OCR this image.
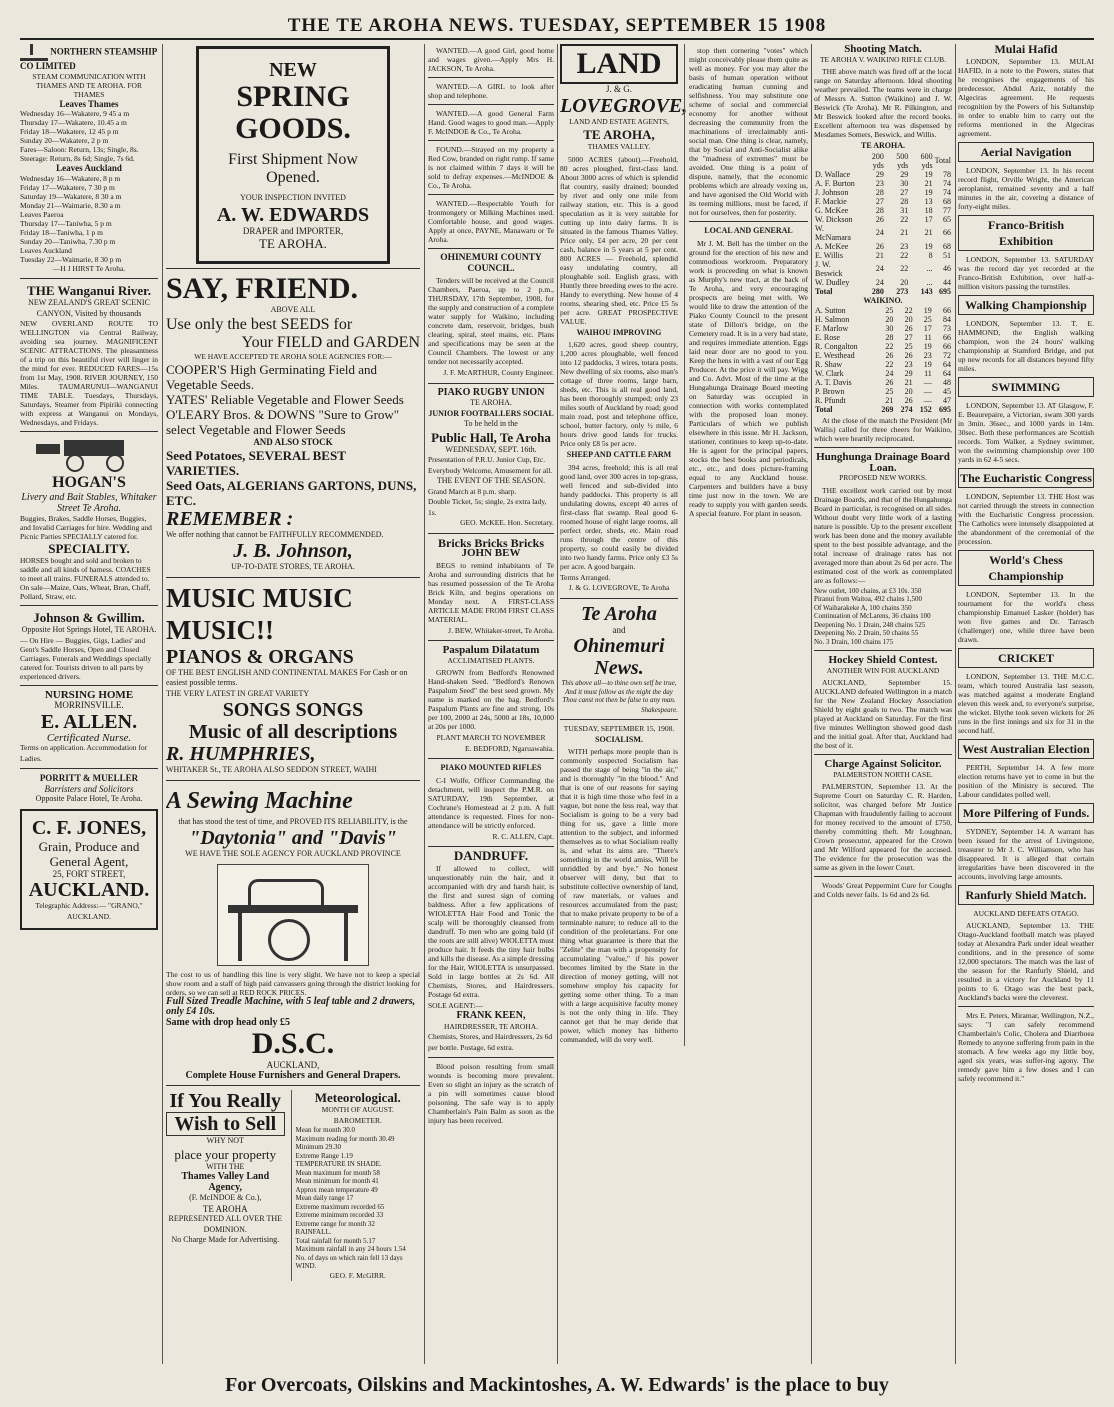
THE TE AROHA NEWS. TUESDAY, SEPTEMBER 15 1908

NORTHERN STEAMSHIP CO LIMITED

STEAM COMMUNICATION WITH THAMES AND TE AROHA. FOR THAMES

Leaves Thames

Wednesday 16—Wakatere, 9 45 a m
Thursday 17—Wakatere, 10.45 a m
Friday 18—Wakatere, 12 45 p m
Sunday 20—Wakatere, 2 p m
Fares—Saloon: Return, 13s; Single, 8s. Steerage: Return, 8s 6d; Single, 7s 6d.

Leaves Auckland

Wednesday 16—Wakatere, 8 p m
Friday 17—Wakatere, 7 30 p m
Saturday 19—Wakatere, 8 30 a m
Monday 21—Waimarie, 8.30 a m
Leaves Paeroa
Thursday 17—Taniwha, 5 p m
Friday 18—Taniwha, 1 p m
Sunday 20—Taniwha, 7.30 p m
Leaves Auckland
Tuesday 22—Waimarie, 8 30 p m

—H J HIRST Te Aroha.

THE Wanganui River.

NEW ZEALAND'S GREAT SCENIC CANYON, Visited by thousands

NEW OVERLAND ROUTE TO WELLINGTON via Central Railway, avoiding sea journey. MAGNIFICENT SCENIC ATTRACTIONS. The pleasantness of a trip on this beautiful river will linger in the mind for ever. REDUCED FARES—15s from 1st May, 1908. RIVER JOURNEY, 150 Miles. TAUMARUNUI—WANGANUI TIME TABLE. Tuesdays, Thursdays, Saturdays, Steamer from Pipiriki connecting with express at Wanganui on Mondays, Wednesdays, and Fridays.

HOGAN'S

Livery and Bait Stables, Whitaker Street Te Aroha.

Buggies, Brakes, Saddle Horses, Buggies, and Invalid Carriages for hire. Wedding and Picnic Parties SPECIALLY catered for.

SPECIALITY.

HORSES bought and sold and broken to saddle and all kinds of harness. COACHES to meet all trains. FUNERALS attended to. On sale—Maize, Oats, Wheat, Bran, Chaff, Pollard, Straw, etc.

Johnson & Gwillim.

Opposite Hot Springs Hotel, TE AROHA.

— On Hire — Buggies, Gigs, Ladies' and Gent's Saddle Horses, Open and Closed Carriages. Funerals and Weddings specially catered for. Tourists driven to all parts by experienced drivers.

NURSING HOME

MORRINSVILLE.

E. ALLEN.

Certificated Nurse.

Terms on application. Accommodation for Ladies.

PORRITT & MUELLER

Barristers and Solicitors

Opposite Palace Hotel, Te Aroha.

C. F. JONES,

Grain, Produce and General Agent,

25, FORT STREET,

AUCKLAND.

Telegraphic Address:— "GRANO," AUCKLAND.

NEW

SPRING

GOODS.

First Shipment Now Opened.

YOUR INSPECTION INVITED

A. W. EDWARDS

DRAPER and IMPORTER,

TE AROHA.

SAY, FRIEND.

ABOVE ALL

Use only the best SEEDS for

Your FIELD and GARDEN

WE HAVE ACCEPTED TE AROHA SOLE AGENCIES FOR:—

COOPER'S High Germinating Field and Vegetable Seeds.

YATES' Reliable Vegetable and Flower Seeds

O'LEARY Bros. & DOWNS "Sure to Grow" select Vegetable and Flower Seeds

AND ALSO STOCK

Seed Potatoes, SEVERAL BEST VARIETIES.

Seed Oats, ALGERIANS GARTONS, DUNS, ETC.

REMEMBER :

We offer nothing that cannot be FAITHFULLY RECOMMENDED.

J. B. Johnson,

UP-TO-DATE STORES, TE AROHA.

MUSIC MUSIC MUSIC!!

PIANOS & ORGANS

OF THE BEST ENGLISH AND CONTINENTAL MAKES For Cash or on easiest possible terms.

THE VERY LATEST IN GREAT VARIETY

SONGS SONGS

Music of all descriptions

R. HUMPHRIES,

WHITAKER St., TE AROHA ALSO SEDDON STREET, WAIHI

A Sewing Machine

that has stood the test of time, and PROVED ITS RELIABILITY, is the

"Daytonia" and "Davis"

WE HAVE THE SOLE AGENCY FOR AUCKLAND PROVINCE

The cost to us of handling this line is very slight. We have not to keep a special show room and a staff of high paid canvassers going through the district looking for orders, so we can sell at RED ROCK PRICES.

Full Sized Treadle Machine, with 5 leaf table and 2 drawers, only £4 10s.

Same with drop head only £5

D.S.C.

AUCKLAND,

Complete House Furnishers and General Drapers.

If You Really

Wish to Sell

WHY NOT

place your property

WITH THE

Thames Valley Land Agency,

(F. McINDOE & Co.),

TE AROHA

REPRESENTED ALL OVER THE DOMINION.

No Charge Made for Advertising.

Meteorological.

MONTH OF AUGUST.

BAROMETER.

Mean for month 30.0
Maximum reading for month 30.49
Minimum 29.30
Extreme Range 1.19
TEMPERATURE IN SHADE.
Mean maximum for month 58
Mean minimum for month 41
Approx mean temperature 49
Mean daily range 17
Extreme maximum recorded 65
Extreme minimum recorded 33
Extreme range for month 32
RAINFALL.
Total rainfall for month 5.17
Maximum rainfall in any 24 hours 1.54
No. of days on which rain fell 13 days
WIND.

GEO. F. McGIRR.

WANTED.—A good Girl, good home and wages given.—Apply Mrs H. JACKSON, Te Aroha.

WANTED.—A GIRL to look after shop and telephone.

WANTED.—A good General Farm Hand. Good wages to good man.—Apply F. McINDOE & Co., Te Aroha.

FOUND.—Strayed on my property a Red Cow, branded on right rump. If same is not claimed within 7 days it will be sold to defray expenses.—McINDOE & Co., Te Aroha.

WANTED.—Respectable Youth for Ironmongery or Milking Machines used. Comfortable house, and good wages. Apply at once, PAYNE, Manawaru or Te Aroha.

OHINEMURI COUNTY COUNCIL.

Tenders will be received at the Council Chambers, Paeroa, up to 2 p.m., THURSDAY, 17th September, 1908, for the supply and construction of a complete water supply for Waikino, including concrete dam, reservoir, bridges, bush clearing, spiral, steel mains, etc. Plans and specifications may be seen at the Council Chambers. The lowest or any tender not necessarily accepted.

J. F. McARTHUR, County Engineer.

PIAKO RUGBY UNION

TE AROHA.

JUNIOR FOOTBALLERS SOCIAL

To be held in the

Public Hall, Te Aroha

WEDNESDAY, SEPT. 16th.

Presentation of P.R.U. Junior Cup, Etc.

Everybody Welcome, Amusement for all.

THE EVENT OF THE SEASON.

Grand March at 8 p.m. sharp.

Double Ticket, 5s; single, 2s extra lady, 1s.

GEO. McKEE. Hon. Secretary.

Bricks Bricks Bricks

JOHN BEW

BEGS to remind inhabitants of Te Aroha and surrounding districts that he has resumed possession of the Te Aroha Brick Kiln, and begins operations on Monday next. A FIRST-CLASS ARTICLE MADE FROM FIRST CLASS MATERIAL.

J. BEW, Whitaker-street, Te Aroha.

Paspalum Dilatatum

ACCLIMATISED PLANTS.

GROWN from Bedford's Renowned Hand-shaken Seed. "Bedford's Renown Paspalum Seed" the best seed grown. My name is marked on the bag. Bedford's Paspalum Plants are fine and strong, 10s per 100, 2000 at 24s, 5000 at 18s, 10,000 at 20s per 1000.

PLANT MARCH TO NOVEMBER

E. BEDFORD, Ngaruawahia.

PIAKO MOUNTED RIFLES

C-I Wolfe, Officer Commanding the detachment, will inspect the P.M.R. on SATURDAY, 19th September, at Cochrane's Homestead at 2 p.m. A full attendance is requested. Fines for non-attendance will be strictly enforced.

R. C. ALLEN, Capt.

DANDRUFF.

If allowed to collect, will unquestionably ruin the hair, and it accompanied with dry and harsh hair, is the first and surest sign of coming baldness. After a few applications of WIOLETTA Hair Food and Tonic the scalp will be thoroughly cleansed from dandruff. To men who are going bald (if the roots are still alive) WIOLETTA must produce hair. It feeds the tiny hair bulbs and kills the disease. As a simple dressing for the Hair, WIOLETTA is unsurpassed. Sold in large bottles at 2s 6d. All Chemists, Stores, and Hairdressers. Postage 6d extra.

SOLE AGENT:—

FRANK KEEN,

HAIRDRESSER, TE AROHA.

Chemists, Stores, and Hairdressers, 2s 6d per bottle. Postage, 6d extra.

Blood poison resulting from small wounds is becoming more prevalent. Even so slight an injury as the scratch of a pin will sometimes cause blood poisoning. The safe way is to apply Chamberlain's Pain Balm as soon as the injury has been received.

LAND

J. & G.

LOVEGROVE,

LAND AND ESTATE AGENTS,

TE AROHA,

THAMES VALLEY.

5000 ACRES (about).—Freehold, 80 acres ploughed, first-class land. About 3000 acres of which is splendid flat country, easily drained; bounded by river and only one mile from railway station, etc. This is a good speculation as it is very suitable for cutting up into dairy farms. It is situated in the famous Thames Valley. Price only, £4 per acre, 20 per cent cash, balance in 5 years at 5 per cent. 800 ACRES — Freehold, splendid easy undulating country, all ploughable soil. English grass, with Huntly three breeding ewes to the acre. Handy to everything. New house of 4 rooms, shearing shed, etc. Price £5 5s per acre. GREAT PROSPECTIVE VALUE.

WAIHOU IMPROVING

1,620 acres, good sheep country, 1,200 acres ploughable, well fenced into 12 paddocks, 3 wires, totara posts. New dwelling of six rooms, also man's cottage of three rooms, large barn, sheds, etc. This is all real good land, has been thoroughly stumped; only 23 miles south of Auckland by road; good main road, post and telephone office, school, butter factory, only ½ mile, 6 hours drive good lands for trucks. Price only £8 5s per acre.

SHEEP AND CATTLE FARM

394 acres, freehold; this is all real good land, over 300 acres in top-grass, well fenced and sub-divided into handy paddocks. This property is all undulating downs, except 40 acres of first-class flat swamp. Real good 6-roomed house of eight large rooms, all perfect order, sheds, etc. Main road runs through the centre of this property, so could easily be divided into two handy farms. Price only £3 5s per acre. A good bargain.

Terms Arranged.

J. & G. LOVEGROVE, Te Aroha

Te Aroha

and

Ohinemuri News.

This above all—to thine own self be true, And it must follow as the night the day Thou canst not then be false to any man.

Shakespeare.

TUESDAY, SEPTEMBER 15, 1908.

SOCIALISM.

WITH perhaps more people than is commonly suspected Socialism has passed the stage of being "in the air," and is thoroughly "in the blood." And that is one of our reasons for saying that it is high time those who feel in a vague, but none the less real, way that Socialism is going to be a very bad thing for us, gave a little more attention to the subject, and informed themselves as to what Socialism really is, and what its aims are. "There's something in the world amiss, Will be unriddled by and bye." No honest observer will deny, but that to substitute collective ownership of land, of raw materials, or values and resources accumulated from the past; that to make private property to be of a terminable nature; to reduce all to the condition of the proletarians. For one thing what guarantee is there that the "Zelite" the man with a propensity for accumulating "value," if his power becomes limited by the State in the direction of money getting, will not somehow employ his capacity for getting some other thing. To a man with a large acquisitive faculty money is not the only thing in life. They cannot get that he may deride that power, which money has hitherto commanded, will do very well.

stop then cornering "votes" which might conceivably please them quite as well as money. For you may alter the basis of human operation without eradicating human cunning and selfishness. You may substitute one scheme of social and commercial economy for another without decreasing the community from the machinations of irreclaimably anti-social man. One thing is clear, namely, that by Social and Anti-Socialist alike the "madness of extremes" must be avoided. One thing is a point of dispute, namely, that the economic problems which are already vexing us, and have agonised the Old World with its teeming millions, must be faced, if not for ourselves, then for posterity.

LOCAL AND GENERAL

Mr J. M. Bell has the timber on the ground for the erection of his new and commodious workroom. Preparatory work is proceeding on what is known as Murphy's new tract, at the back of Te Aroha, and very encouraging prospects are being met with. We would like to draw the attention of the Piako County Council to the present state of Dillon's bridge, on the Cemetery road. It is in a very bad state, and requires immediate attention. Eggs laid near door are no good to you. Keep the hens in with a vast of our Egg Producer. At the price it will pay. Wigg and Co. Advt. Most of the time at the Hungahunga Drainage Board meeting on Saturday was occupied in connection with works contemplated with the proposed loan money. Particulars of which we publish elsewhere in this issue. Mr H. Jackson, stationer, continues to keep up-to-date. He is agent for the principal papers, stocks the best books and periodicals, etc., etc., and does picture-framing equal to any Auckland house. Carpenters and builders have a busy time just now in the town. We are ready to supply you with garden seeds. A special feature. For plant in season.

Shooting Match.

TE AROHA V. WAIKINO RIFLE CLUB.

THE above match was fired off at the local range on Saturday afternoon. Ideal shooting weather prevailed. The teams were in charge of Messrs A. Sutton (Waikino) and J. W. Beswick (Te Aroha). Mr R. Pilkington, and Mr Beswick looked after the record books. Excellent afternoon tea was dispensed by Mesdames Somers, Beswick, and Willis.

TE AROHA.

	200 yds	500 yds	600 yds	Total
D. Wallace	29	29	19	78
A. F. Burton	23	30	21	74
J. Johnson	28	27	19	74
F. Mackie	27	28	13	68
G. McKee	28	31	18	77
W. Dickson	26	22	17	65
W. McNamara	24	21	21	66
A. McKee	26	23	19	68
E. Willis	21	22	8	51
J. W. Beswick	24	22	...	46
W. Dudley	24	20	...	44
Total	280	273	143	695

WAIKINO.

A. Sutton	25	22	19	66
H. Salmon	20	20	25	84
F. Marlow	30	26	17	73
E. Rose	28	27	11	66
R. Congalton	22	25	19	66
E. Westhead	26	26	23	72
R. Shaw	22	23	19	64
W. Clark	24	29	11	64
A. T. Davis	26	21	—	48
P. Brown	25	20	—	45
R. Pfundt	21	26	—	47
Total	269	274	152	695

At the close of the match the President (Mr Wallis) called for three cheers for Waikino, which were heartily reciprocated.

Hunghunga Drainage Board Loan.

PROPOSED NEW WORKS.

THE excellent work carried out by most Drainage Boards, and that of the Hungahunga Board in particular, is recognised on all sides. Without doubt very little work of a lasting nature is possible. Up to the present excellent work has been done and the money available spent to the best possible advantage, and the total increase of drainage rates has not averaged more than about 2s 6d per acre. The estimated cost of the work as contemplated are as follows:—

New outlet, 100 chains, at £3 10s. 350
Piranui from Waitoa, 492 chains 1,500
Of Waiharakeke A, 100 chains 350
Continuation of McLarens, 36 chains 100
Deepening No. 1 Drain, 248 chains 525
Deepening No. 2 Drain, 50 chains 55
No. 3 Drain, 100 chains 175

Hockey Shield Contest.

ANOTHER WIN FOR AUCKLAND

AUCKLAND, September 15. AUCKLAND defeated Wellington in a match for the New Zealand Hockey Association Shield by eight goals to two. The match was played at Auckland on Saturday. For the first five minutes Wellington showed good dash and the initial goal. After that, Auckland had the best of it.

Charge Against Solicitor.

PALMERSTON NORTH CASE.

PALMERSTON, September 13. At the Supreme Court on Saturday C. R. Harden, solicitor, was charged before Mr Justice Chapman with fraudulently failing to account for money received to the amount of £750, thereby committing theft. Mr Loughnan, Crown prosecutor, appeared for the Crown and Mr Wilford appeared for the accused. The evidence for the prosecution was the same as given in the lower Court.

Woods' Great Peppermint Cure for Coughs and Colds never fails. 1s 6d and 2s 6d.

Mulai Hafid

LONDON, September 13. MULAI HAFID, in a note to the Powers, states that he recognises the engagements of his predecessor, Abdul Aziz, notably the Algeciras agreement. He requests recognition by the Powers of his Sultanship in order to enable him to carry out the reforms mentioned in the Algeciras agreement.

Aerial Navigation

LONDON, September 13. In his recent record flight, Orville Wright, the American aeroplanist, remained seventy and a half minutes in the air, covering a distance of forty-eight miles.

Franco-British Exhibition

LONDON, September 13. SATURDAY was the record day yet recorded at the Franco-British Exhibition, over half-a-million visitors passing the turnstiles.

Walking Championship

LONDON, September 13. T. E. HAMMOND, the English walking champion, won the 24 hours' walking championship at Stamford Bridge, and put up new records for all distances beyond fifty miles.

SWIMMING

LONDON, September 13. AT Glasgow, F. E. Beaurepaire, a Victorian, swam 300 yards in 3min. 36sec., and 1000 yards in 14m. 30sec. Both these performances are Scottish records. Tom Walker, a Sydney swimmer, won the swimming championship over 100 yards in 62 4-5 secs.

The Eucharistic Congress

LONDON, September 13. THE Host was not carried through the streets in connection with the Eucharistic Congress procession. The Catholics were intensely disappointed at the abandonment of the ceremonial of the procession.

World's Chess Championship

LONDON, September 13. In the tournament for the world's chess championship Emanuel Lasker (holder) has won five games and Dr. Tarrasch (challenger) one, while three have been drawn.

CRICKET

LONDON, September 13. THE M.C.C. team, which toured Australia last season, was matched against a moderate England eleven this week and, to everyone's surprise, the wicket. Blythe took seven wickets for 26 runs in the first innings and six for 31 in the second half.

West Australian Election

PERTH, September 14. A few more election returns have yet to come in but the position of the Ministry is secured. The Labour candidates polled well.

More Pilfering of Funds.

SYDNEY, September 14. A warrant has been issued for the arrest of Livingstone, treasurer to Mr J. C. Williamson, who has disappeared. It is alleged that certain irregularities have been discovered in the accounts, involving large amounts.

Ranfurly Shield Match.

AUCKLAND DEFEATS OTAGO.

AUCKLAND, September 13. THE Otago-Auckland football match was played today at Alexandra Park under ideal weather conditions, and in the presence of some 12,000 spectators. The match was the last of the season for the Ranfurly Shield, and resulted in a victory for Auckland by 11 points to 6. Otago was the best pack, Auckland's backs were the cleverest.

Mrs E. Peters, Miramar, Wellington, N.Z., says: "I can safely recommend Chamberlain's Colic, Cholera and Diarrhoea Remedy to anyone suffering from pain in the stomach. A few weeks ago my little boy, aged six years, was suffer-ing agony. The remedy gave him a few doses and I can safely recommend it."

For Overcoats, Oilskins and Mackintoshes, A. W. Edwards' is the place to buy
